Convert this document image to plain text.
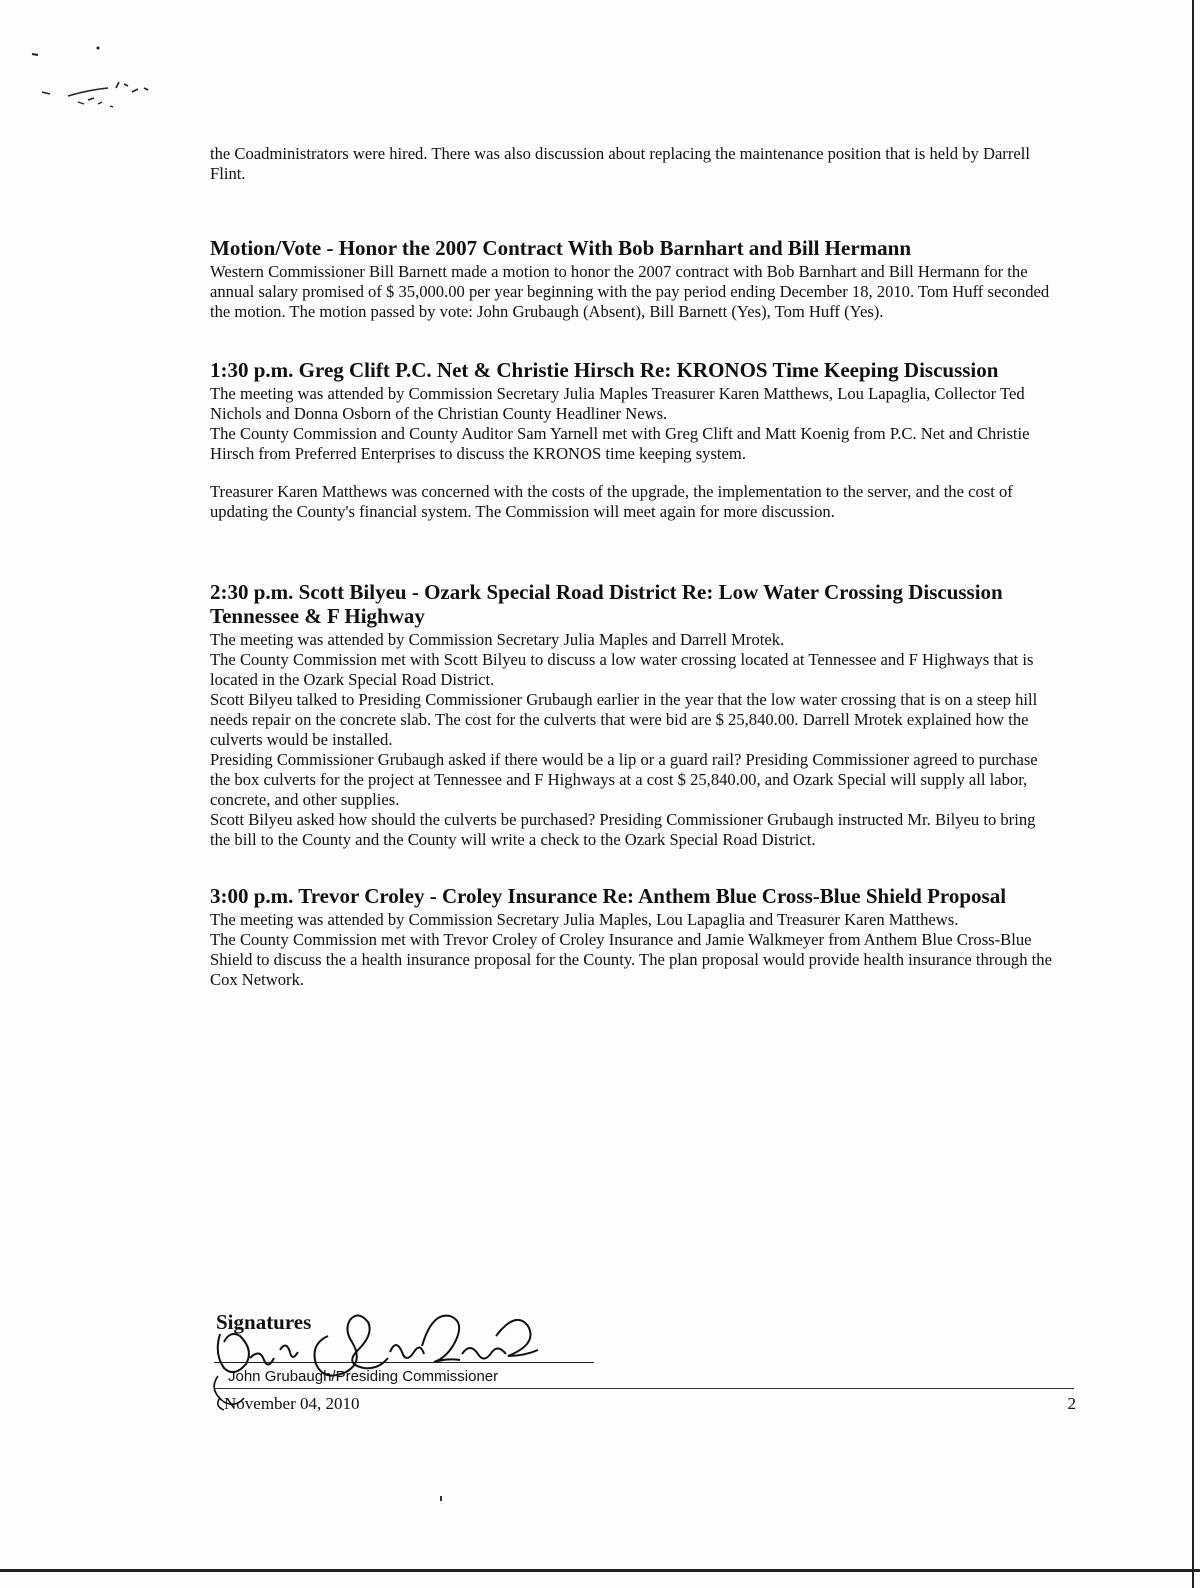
the Coadministrators were hired. There was also discussion about replacing the maintenance position that is held by Darrell Flint.

Motion/Vote - Honor the 2007 Contract With Bob Barnhart and Bill Hermann

Western Commissioner Bill Barnett made a motion to honor the 2007 contract with Bob Barnhart and Bill Hermann for the annual salary promised of $ 35,000.00 per year beginning with the pay period ending December 18, 2010. Tom Huff seconded the motion. The motion passed by vote: John Grubaugh (Absent), Bill Barnett (Yes), Tom Huff (Yes).

1:30 p.m. Greg Clift P.C. Net & Christie Hirsch Re: KRONOS Time Keeping Discussion

The meeting was attended by Commission Secretary Julia Maples Treasurer Karen Matthews, Lou Lapaglia, Collector Ted Nichols and Donna Osborn of the Christian County Headliner News.

The County Commission and County Auditor Sam Yarnell met with Greg Clift and Matt Koenig from P.C. Net and Christie Hirsch from Preferred Enterprises to discuss the KRONOS time keeping system.

Treasurer Karen Matthews was concerned with the costs of the upgrade, the implementation to the server, and the cost of updating the County's financial system. The Commission will meet again for more discussion.

2:30 p.m. Scott Bilyeu - Ozark Special Road District Re: Low Water Crossing Discussion Tennessee & F Highway

The meeting was attended by Commission Secretary Julia Maples and Darrell Mrotek.

The County Commission met with Scott Bilyeu to discuss a low water crossing located at Tennessee and F Highways that is located in the Ozark Special Road District.

Scott Bilyeu talked to Presiding Commissioner Grubaugh earlier in the year that the low water crossing that is on a steep hill needs repair on the concrete slab. The cost for the culverts that were bid are $ 25,840.00. Darrell Mrotek explained how the culverts would be installed.

Presiding Commissioner Grubaugh asked if there would be a lip or a guard rail? Presiding Commissioner agreed to purchase the box culverts for the project at Tennessee and F Highways at a cost $ 25,840.00, and Ozark Special will supply all labor, concrete, and other supplies.

Scott Bilyeu asked how should the culverts be purchased? Presiding Commissioner Grubaugh instructed Mr. Bilyeu to bring the bill to the County and the County will write a check to the Ozark Special Road District.

3:00 p.m. Trevor Croley - Croley Insurance Re: Anthem Blue Cross-Blue Shield Proposal

The meeting was attended by Commission Secretary Julia Maples, Lou Lapaglia and Treasurer Karen Matthews.

The County Commission met with Trevor Croley of Croley Insurance and Jamie Walkmeyer from Anthem Blue Cross-Blue Shield to discuss the a health insurance proposal for the County. The plan proposal would provide health insurance through the Cox Network.

Signatures
John Grubaugh/Presiding Commissioner
November 04, 2010	2
